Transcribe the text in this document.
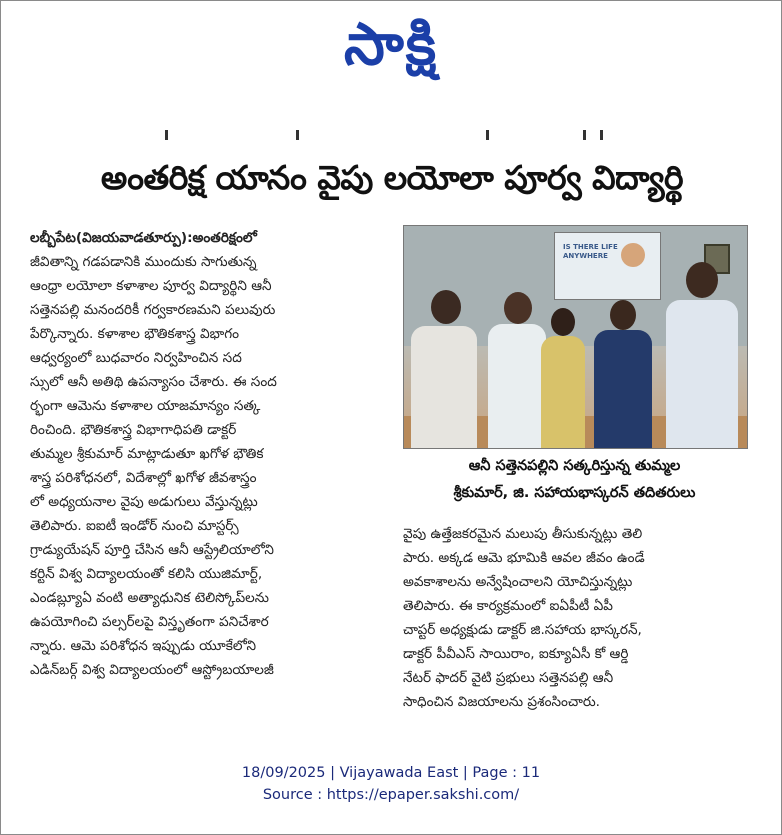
సాక్షి
అంతరిక్ష యానం వైపు లయోలా పూర్వ విద్యార్థి
లబ్బీపేట(విజయవాడతూర్పు):అంతరిక్షంలో
జీవితాన్ని గడపడానికి ముందుకు సాగుతున్న
ఆంధ్రా లయోలా కళాశాల పూర్వ విద్యార్థిని ఆనీ
సత్తెనపల్లి మనందరికీ గర్వకారణమని పలువురు
పేర్కొన్నారు. కళాశాల భౌతికశాస్త్ర విభాగం
ఆధ్వర్యంలో బుధవారం నిర్వహించిన సద
స్సులో ఆనీ అతిథి ఉపన్యాసం చేశారు. ఈ సంద
ర్భంగా ఆమెను కళాశాల యాజమాన్యం సత్క
రించింది. భౌతికశాస్త్ర విభాగాధిపతి డాక్టర్
తుమ్మల శ్రీకుమార్ మాట్లాడుతూ ఖగోళ భౌతిక
శాస్త్ర పరిశోధనలో, విదేశాల్లో ఖగోళ జీవశాస్త్రం
లో అధ్యయనాల వైపు అడుగులు వేస్తున్నట్లు
తెలిపారు. ఐఐటీ ఇండోర్ నుంచి మాస్టర్స్
గ్రాడ్యుయేషన్ పూర్తి చేసిన ఆనీ ఆస్ట్రేలియాలోని
కర్టిన్ విశ్వ విద్యాలయంతో కలిసి యుజిమార్ట్,
ఎండబ్ల్యూఏ వంటి అత్యాధునిక టెలిస్కోప్‌లను
ఉపయోగించి పల్సర్‌లపై విస్తృతంగా పనిచేశార
న్నారు. ఆమె పరిశోధన ఇప్పుడు యూకేలోని
ఎడిన్‌బర్గ్ విశ్వ విద్యాలయంలో ఆస్ట్రోబయాలజీ
IS THERE LIFE ANYWHERE
ఆనీ సత్తెనపల్లిని సత్కరిస్తున్న తుమ్మల
శ్రీకుమార్, జి. సహాయభాస్కరన్ తదితరులు
వైపు ఉత్తేజకరమైన మలుపు తీసుకున్నట్లు తెలి
పారు. అక్కడ ఆమె భూమికి ఆవల జీవం ఉండే
అవకాశాలను అన్వేషించాలని యోచిస్తున్నట్లు
తెలిపారు. ఈ కార్యక్రమంలో ఐఏపీటీ ఏపీ
చాప్టర్ అధ్యక్షుడు డాక్టర్ జి.సహాయ భాస్కరన్,
డాక్టర్ పీవీఎస్ సాయిరాం, ఐక్యూఏసీ కో ఆర్డి
నేటర్ ఫాదర్ వైటి ప్రభులు సత్తెనపల్లి ఆనీ
సాధించిన విజయాలను ప్రశంసించారు.
18/09/2025 | Vijayawada East | Page : 11
Source : https://epaper.sakshi.com/
